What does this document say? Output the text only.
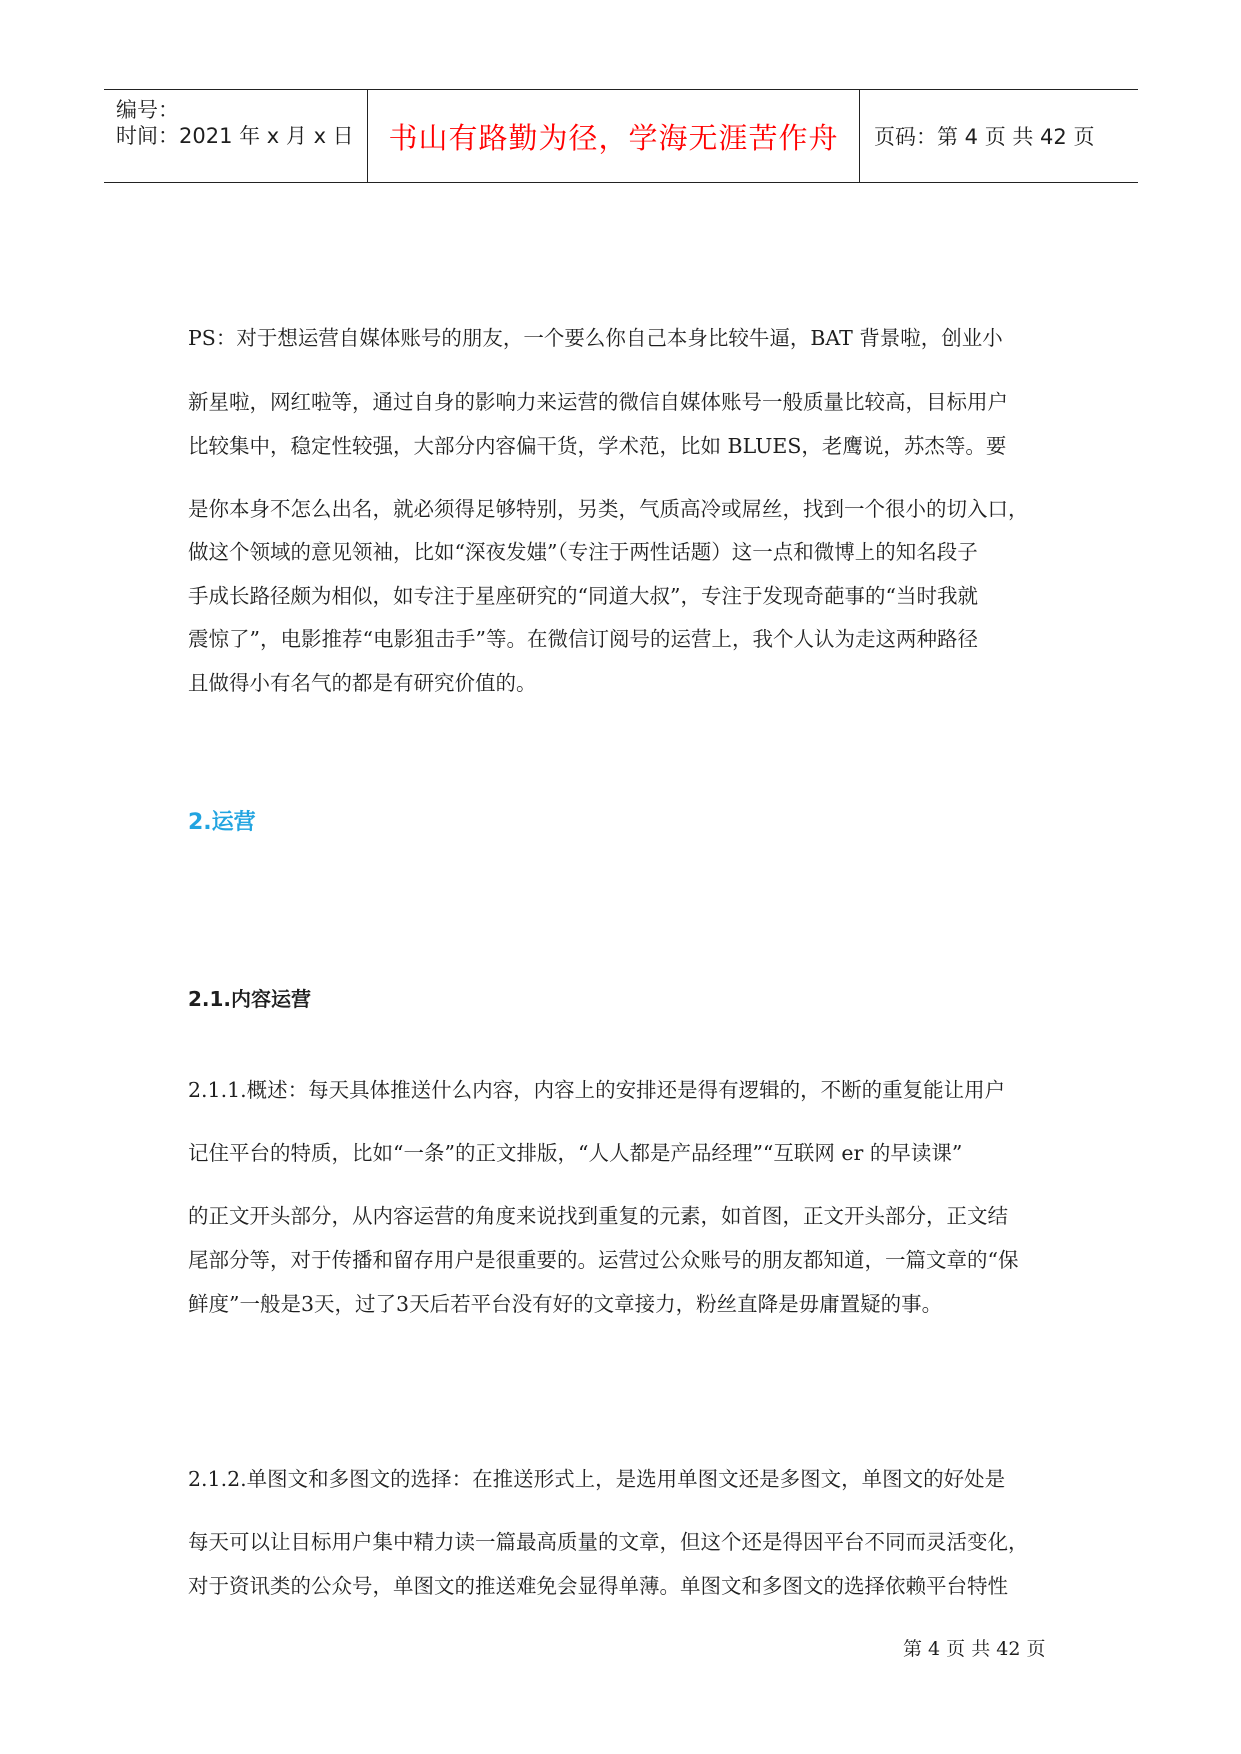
编号：
时间：2021 年 x 月 x 日	书山有路勤为径，学海无涯苦作舟	页码：第 4 页 共 42 页

PS：对于想运营自媒体账号的朋友，一个要么你自己本身比较牛逼，BAT 背景啦，创业小

新星啦，网红啦等，通过自身的影响力来运营的微信自媒体账号一般质量比较高，目标用户

比较集中，稳定性较强，大部分内容偏干货，学术范，比如 BLUES，老鹰说，苏杰等。要

是你本身不怎么出名，就必须得足够特别，另类，气质高冷或屌丝，找到一个很小的切入口，

做这个领域的意见领袖，比如“深夜发媸”（专注于两性话题）这一点和微博上的知名段子

手成长路径颇为相似，如专注于星座研究的“同道大叔”，专注于发现奇葩事的“当时我就

震惊了”，电影推荐“电影狙击手”等。在微信订阅号的运营上，我个人认为走这两种路径

且做得小有名气的都是有研究价值的。

2.运营
2.1.内容运营

2.1.1.概述：每天具体推送什么内容，内容上的安排还是得有逻辑的，不断的重复能让用户

记住平台的特质，比如“一条”的正文排版，“人人都是产品经理”“互联网 er 的早读课”

的正文开头部分，从内容运营的角度来说找到重复的元素，如首图，正文开头部分，正文结

尾部分等，对于传播和留存用户是很重要的。运营过公众账号的朋友都知道，一篇文章的“保

鲜度”一般是3天，过了3天后若平台没有好的文章接力，粉丝直降是毋庸置疑的事。

2.1.2.单图文和多图文的选择：在推送形式上，是选用单图文还是多图文，单图文的好处是

每天可以让目标用户集中精力读一篇最高质量的文章，但这个还是得因平台不同而灵活变化，

对于资讯类的公众号，单图文的推送难免会显得单薄。单图文和多图文的选择依赖平台特性

第 4 页 共 42 页
